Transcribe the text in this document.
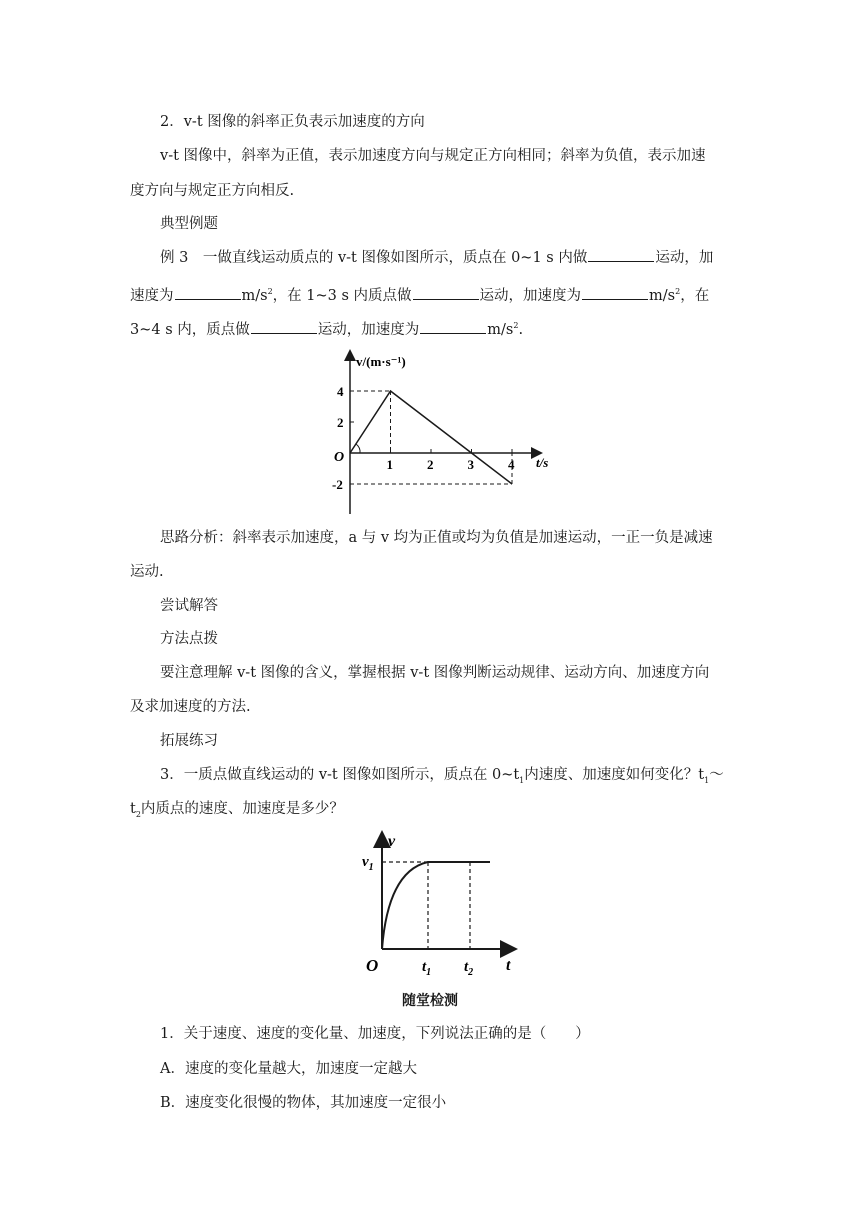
2．v-t 图像的斜率正负表示加速度的方向
v-t 图像中，斜率为正值，表示加速度方向与规定正方向相同；斜率为负值，表示加速
度方向与规定正方向相反.
典型例题
例 3　一做直线运动质点的 v-t 图像如图所示，质点在 0~1 s 内做	运动，加
速度为	$m/s^2$，在 1~3 s 内质点做	运动，加速度为	$m/s^2$，在
3~4 s 内，质点做	运动，加速度为	$m/s^2$.
v/(m·s⁻¹)
t/s
O	1	2	3	4
4
2
-2
思路分析：斜率表示加速度，a 与 v 均为正值或均为负值是加速运动，一正一负是减速
运动.
尝试解答
方法点拨
要注意理解 v-t 图像的含义，掌握根据 v-t 图像判断运动规律、运动方向、加速度方向
及求加速度的方法.
拓展练习
3．一质点做直线运动的 v-t 图像如图所示，质点在 $0\sim t_1$内速度、加速度如何变化？$t_1\sim$
$t_2$内质点的速度、加速度是多少？
v
t
O
$v_1$
$t_1$ $t_2$
随堂检测
1．关于速度、速度的变化量、加速度，下列说法正确的是（　　）
A．速度的变化量越大，加速度一定越大
B．速度变化很慢的物体，其加速度一定很小
